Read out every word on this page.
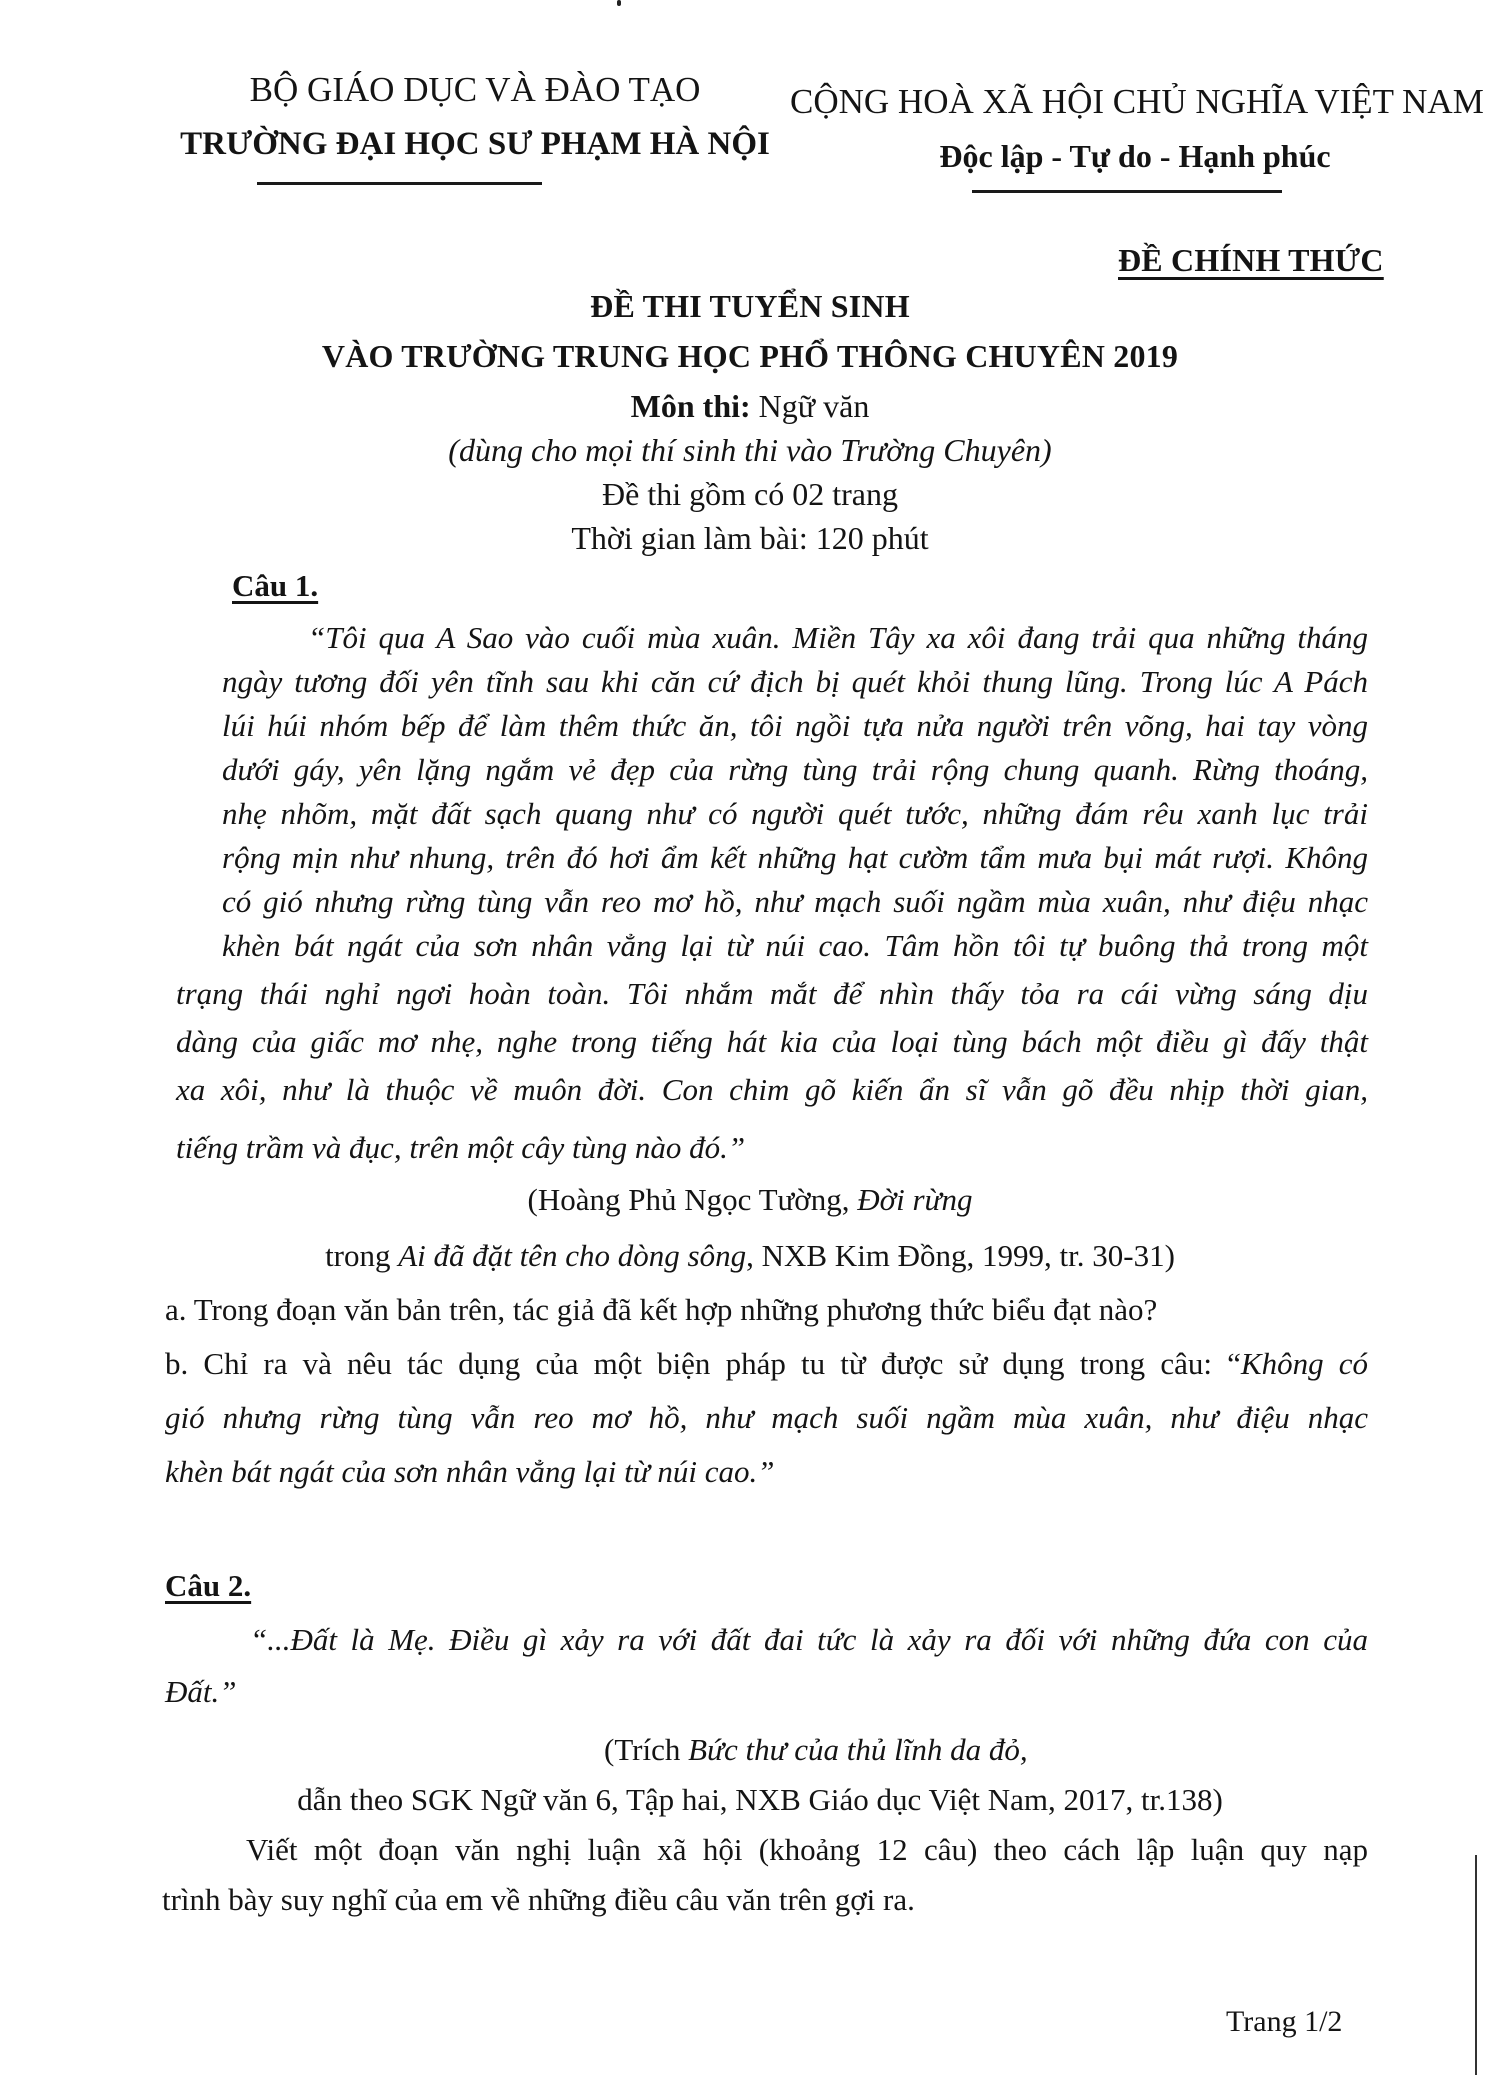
BỘ GIÁO DỤC VÀ ĐÀO TẠO
TRƯỜNG ĐẠI HỌC SƯ PHẠM HÀ NỘI
CỘNG HOÀ XÃ HỘI CHỦ NGHĨA VIỆT NAM
Độc lập - Tự do - Hạnh phúc
ĐỀ CHÍNH THỨC
ĐỀ THI TUYỂN SINH
VÀO TRƯỜNG TRUNG HỌC PHỔ THÔNG CHUYÊN 2019
Môn thi: Ngữ văn
(dùng cho mọi thí sinh thi vào Trường Chuyên)
Đề thi gồm có 02 trang
Thời gian làm bài: 120 phút
Câu 1.
“Tôi qua A Sao vào cuối mùa xuân. Miền Tây xa xôi đang trải qua những tháng
ngày tương đối yên tĩnh sau khi căn cứ địch bị quét khỏi thung lũng. Trong lúc A Pách
lúi húi nhóm bếp để làm thêm thức ăn, tôi ngồi tựa nửa người trên võng, hai tay vòng
dưới gáy, yên lặng ngắm vẻ đẹp của rừng tùng trải rộng chung quanh. Rừng thoáng,
nhẹ nhõm, mặt đất sạch quang như có người quét tước, những đám rêu xanh lục trải
rộng mịn như nhung, trên đó hơi ẩm kết những hạt cườm tẩm mưa bụi mát rượi. Không
có gió nhưng rừng tùng vẫn reo mơ hồ, như mạch suối ngầm mùa xuân, như điệu nhạc
khèn bát ngát của sơn nhân vẳng lại từ núi cao. Tâm hồn tôi tự buông thả trong một
trạng thái nghỉ ngơi hoàn toàn. Tôi nhắm mắt để nhìn thấy tỏa ra cái vừng sáng dịu
dàng của giấc mơ nhẹ, nghe trong tiếng hát kia của loại tùng bách một điều gì đấy thật
xa xôi, như là thuộc về muôn đời. Con chim gõ kiến ẩn sĩ vẫn gõ đều nhịp thời gian,
tiếng trầm và đục, trên một cây tùng nào đó.”
(Hoàng Phủ Ngọc Tường, Đời rừng
trong Ai đã đặt tên cho dòng sông, NXB Kim Đồng, 1999, tr. 30-31)
a. Trong đoạn văn bản trên, tác giả đã kết hợp những phương thức biểu đạt nào?
b. Chỉ ra và nêu tác dụng của một biện pháp tu từ được sử dụng trong câu: “Không có
gió nhưng rừng tùng vẫn reo mơ hồ, như mạch suối ngầm mùa xuân, như điệu nhạc
khèn bát ngát của sơn nhân vẳng lại từ núi cao.”
Câu 2.
“...Đất là Mẹ. Điều gì xảy ra với đất đai tức là xảy ra đối với những đứa con của
Đất.”
(Trích Bức thư của thủ lĩnh da đỏ,
dẫn theo SGK Ngữ văn 6, Tập hai, NXB Giáo dục Việt Nam, 2017, tr.138)
Viết một đoạn văn nghị luận xã hội (khoảng 12 câu) theo cách lập luận quy nạp
trình bày suy nghĩ của em về những điều câu văn trên gợi ra.
Trang 1/2
